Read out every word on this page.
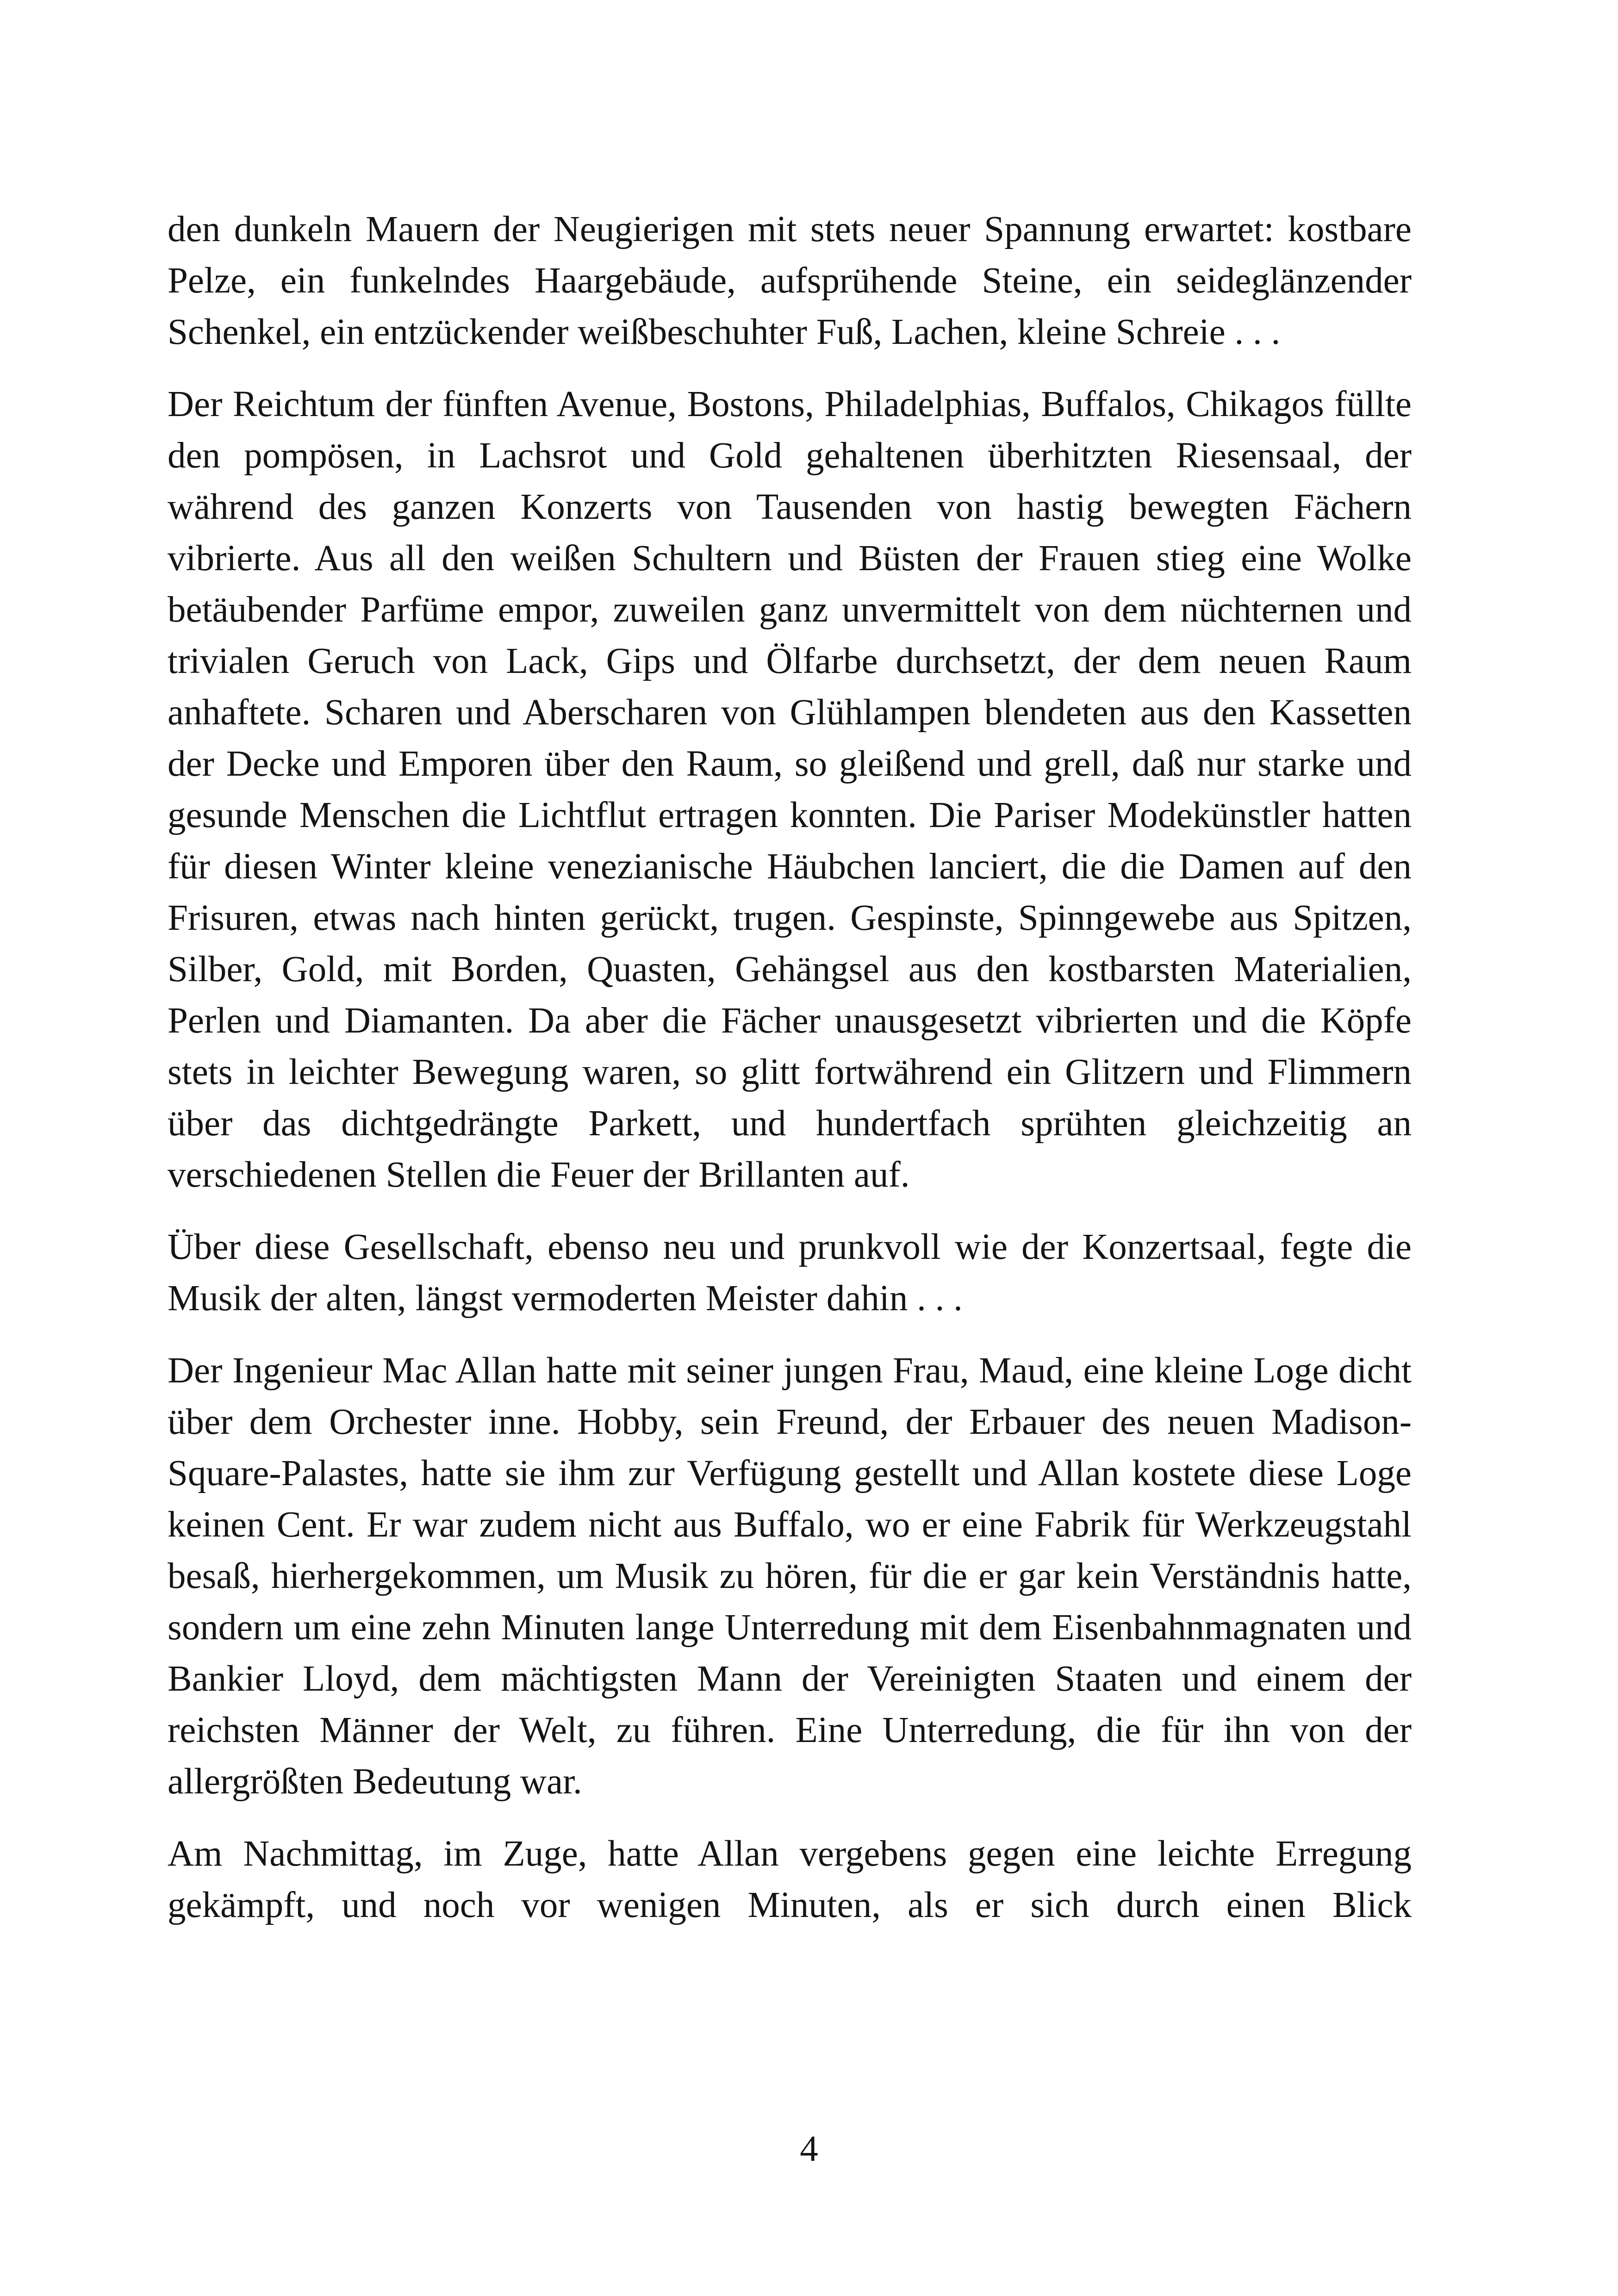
den dunkeln Mauern der Neugierigen mit stets neuer Spannung erwartet: kostbare Pelze, ein funkelndes Haargebäude, aufsprühende Steine, ein seideglänzender Schenkel, ein entzückender weißbeschuhter Fuß, Lachen, kleine Schreie . . .

Der Reichtum der fünften Avenue, Bostons, Philadelphias, Buffalos, Chikagos füllte den pompösen, in Lachsrot und Gold gehaltenen überhitzten Riesensaal, der während des ganzen Konzerts von Tausenden von hastig bewegten Fächern vibrierte. Aus all den weißen Schultern und Büsten der Frauen stieg eine Wolke betäubender Parfüme empor, zuweilen ganz unvermittelt von dem nüchternen und trivialen Geruch von Lack, Gips und Ölfarbe durchsetzt, der dem neuen Raum anhaftete. Scharen und Aberscharen von Glühlampen blendeten aus den Kassetten der Decke und Emporen über den Raum, so gleißend und grell, daß nur starke und gesunde Menschen die Lichtflut ertragen konnten. Die Pariser Modekünstler hatten für diesen Winter kleine venezianische Häubchen lanciert, die die Damen auf den Frisuren, etwas nach hinten gerückt, trugen. Gespinste, Spinngewebe aus Spitzen, Silber, Gold, mit Borden, Quasten, Gehängsel aus den kostbarsten Materialien, Perlen und Diamanten. Da aber die Fächer unausgesetzt vibrierten und die Köpfe stets in leichter Bewegung waren, so glitt fortwährend ein Glitzern und Flimmern über das dichtgedrängte Parkett, und hundertfach sprühten gleichzeitig an verschiedenen Stellen die Feuer der Brillanten auf.

Über diese Gesellschaft, ebenso neu und prunkvoll wie der Konzertsaal, fegte die Musik der alten, längst vermoderten Meister dahin . . .

Der Ingenieur Mac Allan hatte mit seiner jungen Frau, Maud, eine kleine Loge dicht über dem Orchester inne. Hobby, sein Freund, der Erbauer des neuen Madison-Square-Palastes, hatte sie ihm zur Verfügung gestellt und Allan kostete diese Loge keinen Cent. Er war zudem nicht aus Buffalo, wo er eine Fabrik für Werkzeugstahl besaß, hierhergekommen, um Musik zu hören, für die er gar kein Verständnis hatte, sondern um eine zehn Minuten lange Unterredung mit dem Eisenbahnmagnaten und Bankier Lloyd, dem mächtigsten Mann der Vereinigten Staaten und einem der reichsten Männer der Welt, zu führen. Eine Unterredung, die für ihn von der allergrößten Bedeutung war.

Am Nachmittag, im Zuge, hatte Allan vergebens gegen eine leichte Erregung gekämpft, und noch vor wenigen Minuten, als er sich durch einen Blick

4
